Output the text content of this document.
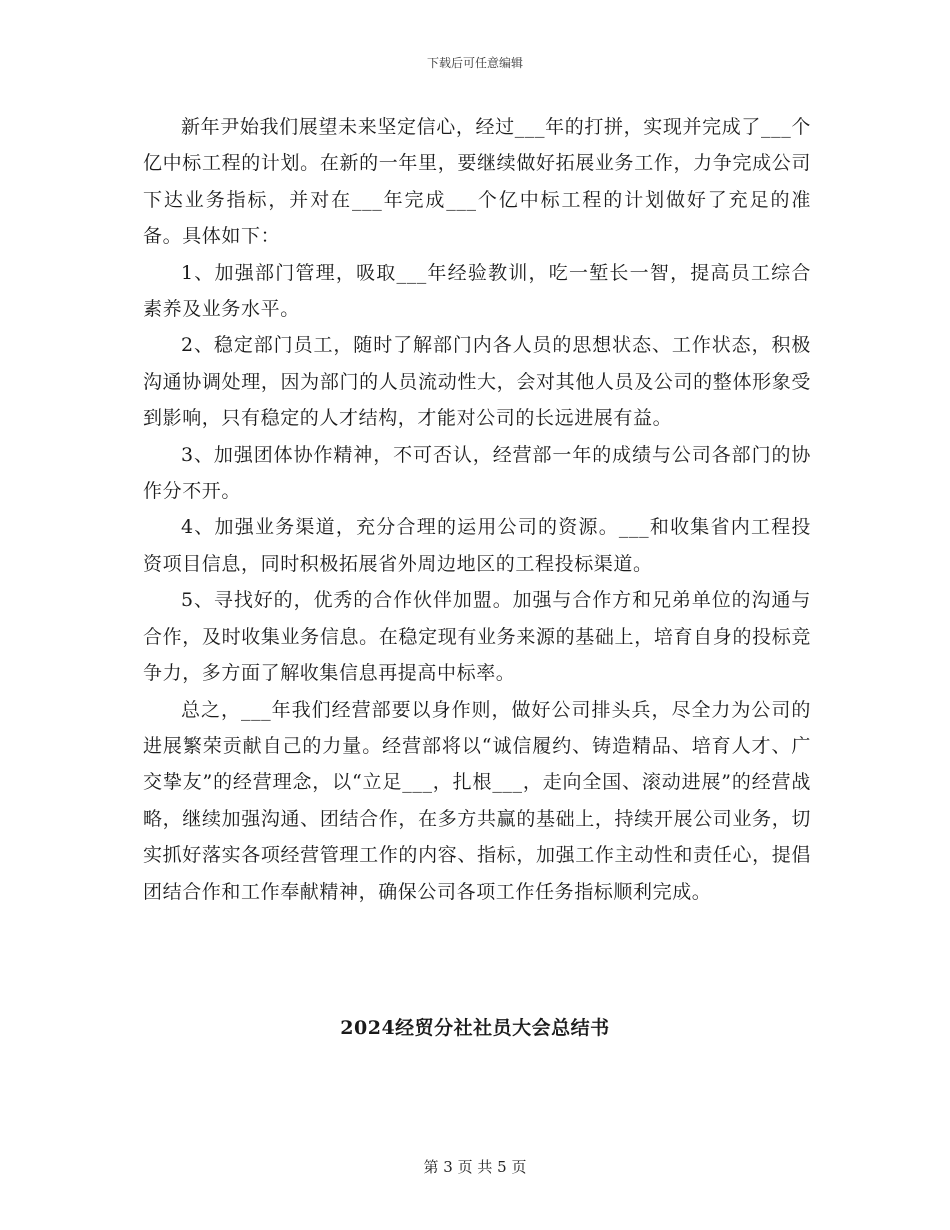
下载后可任意编辑

新年尹始我们展望未来坚定信心，经过___年的打拼，实现并完成了___个亿中标工程的计划。在新的一年里，要继续做好拓展业务工作，力争完成公司下达业务指标，并对在___年完成___个亿中标工程的计划做好了充足的准备。具体如下：

1、加强部门管理，吸取___年经验教训，吃一堑长一智，提高员工综合素养及业务水平。

2、稳定部门员工，随时了解部门内各人员的思想状态、工作状态，积极沟通协调处理，因为部门的人员流动性大，会对其他人员及公司的整体形象受到影响，只有稳定的人才结构，才能对公司的长远进展有益。

3、加强团体协作精神，不可否认，经营部一年的成绩与公司各部门的协作分不开。

4、加强业务渠道，充分合理的运用公司的资源。___和收集省内工程投资项目信息，同时积极拓展省外周边地区的工程投标渠道。

5、寻找好的，优秀的合作伙伴加盟。加强与合作方和兄弟单位的沟通与合作，及时收集业务信息。在稳定现有业务来源的基础上，培育自身的投标竞争力，多方面了解收集信息再提高中标率。

总之，___年我们经营部要以身作则，做好公司排头兵，尽全力为公司的进展繁荣贡献自己的力量。经营部将以“诚信履约、铸造精品、培育人才、广交挚友”的经营理念，以“立足___，扎根___，走向全国、滚动进展”的经营战略，继续加强沟通、团结合作，在多方共赢的基础上，持续开展公司业务，切实抓好落实各项经营管理工作的内容、指标，加强工作主动性和责任心，提倡团结合作和工作奉献精神，确保公司各项工作任务指标顺利完成。

2024经贸分社社员大会总结书
第 3 页 共 5 页
